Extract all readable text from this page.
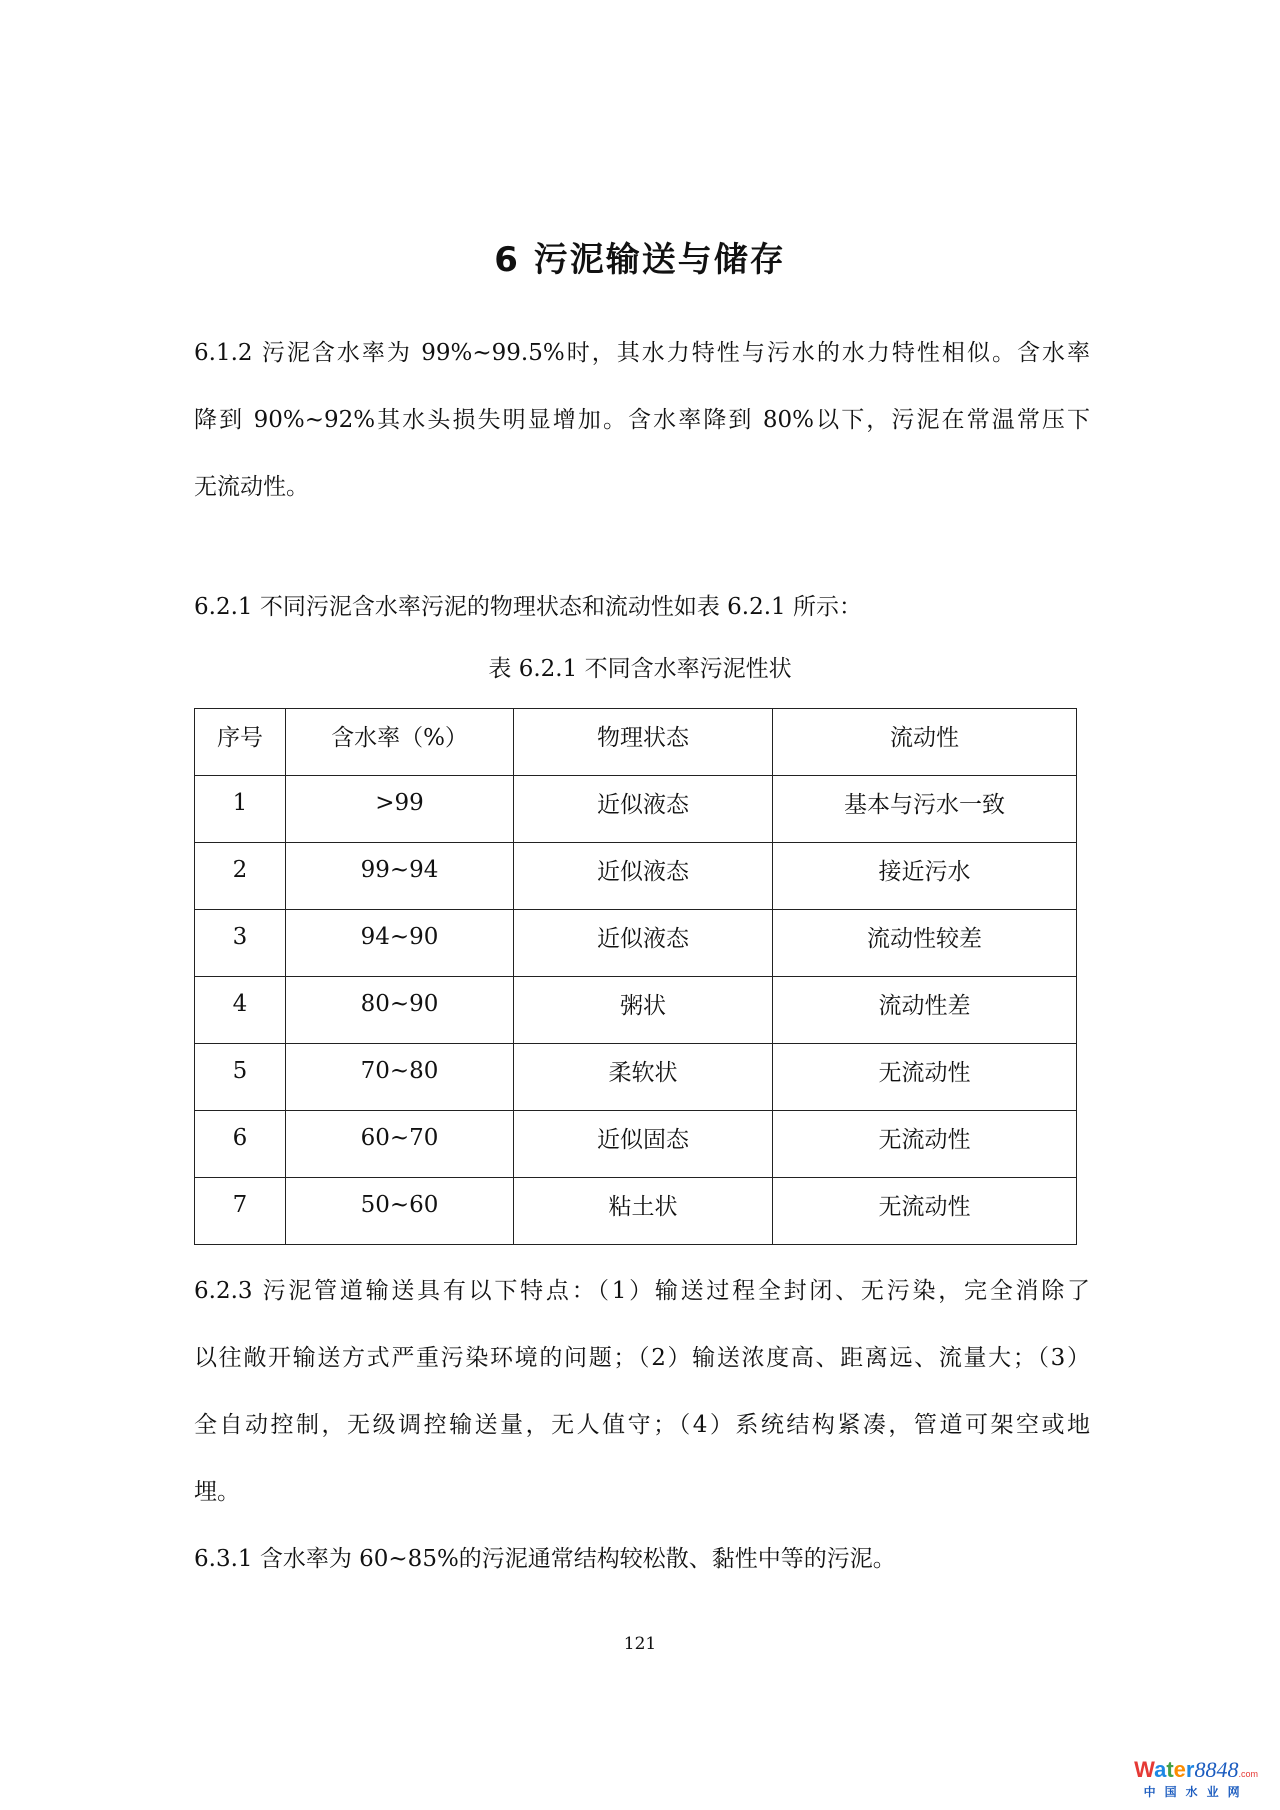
6 污泥输送与储存
6.1.2 污泥含水率为 99%~99.5%时，其水力特性与污水的水力特性相似。含水率
降到 90%~92%其水头损失明显增加。含水率降到 80%以下，污泥在常温常压下
无流动性。
6.2.1 不同污泥含水率污泥的物理状态和流动性如表 6.2.1 所示：
表 6.2.1 不同含水率污泥性状
序号	含水率（%）	物理状态	流动性
1	>99	近似液态	基本与污水一致
2	99~94	近似液态	接近污水
3	94~90	近似液态	流动性较差
4	80~90	粥状	流动性差
5	70~80	柔软状	无流动性
6	60~70	近似固态	无流动性
7	50~60	粘土状	无流动性
6.2.3 污泥管道输送具有以下特点：（1）输送过程全封闭、无污染，完全消除了
以往敞开输送方式严重污染环境的问题；（2）输送浓度高、距离远、流量大；（3）
全自动控制，无级调控输送量，无人值守；（4）系统结构紧凑，管道可架空或地
埋。
6.3.1 含水率为 60~85%的污泥通常结构较松散、黏性中等的污泥。
121
Water8848.com
中国水业网
